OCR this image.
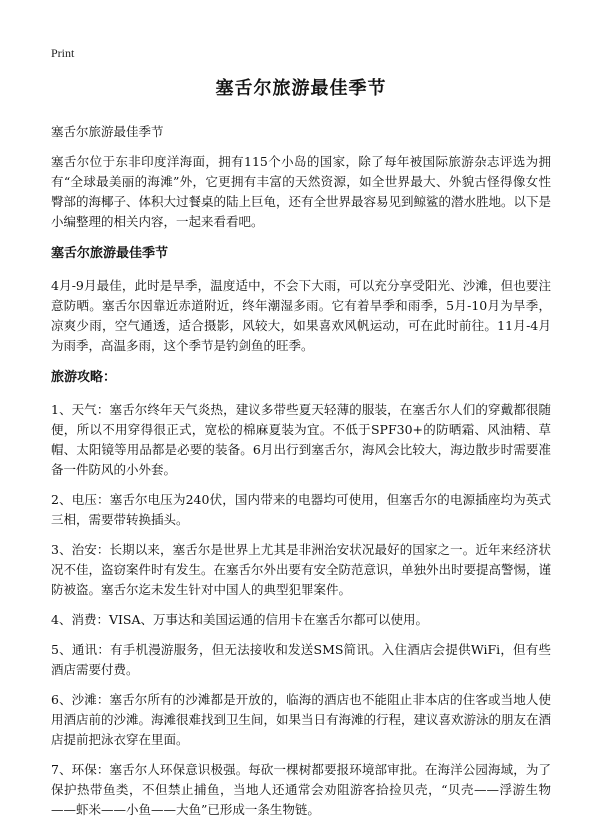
Print
塞舌尔旅游最佳季节
塞舌尔旅游最佳季节

塞舌尔位于东非印度洋海面，拥有115个小岛的国家，除了每年被国际旅游杂志评选为拥有“全球最美丽的海滩”外，它更拥有丰富的天然资源，如全世界最大、外貌古怪得像女性臀部的海椰子、体积大过餐桌的陆上巨龟，还有全世界最容易见到鲸鲨的潜水胜地。以下是小编整理的相关内容，一起来看看吧。

塞舌尔旅游最佳季节

4月-9月最佳，此时是旱季，温度适中，不会下大雨，可以充分享受阳光、沙滩，但也要注意防晒。塞舌尔因靠近赤道附近，终年潮湿多雨。它有着旱季和雨季，5月-10月为旱季，凉爽少雨，空气通透，适合摄影，风较大，如果喜欢风帆运动，可在此时前往。11月-4月为雨季，高温多雨，这个季节是钓剑鱼的旺季。

旅游攻略：

1、天气：塞舌尔终年天气炎热，建议多带些夏天轻薄的服装，在塞舌尔人们的穿戴都很随便，所以不用穿得很正式，宽松的棉麻夏装为宜。不低于SPF30+的防晒霜、风油精、草帽、太阳镜等用品都是必要的装备。6月出行到塞舌尔，海风会比较大，海边散步时需要准备一件防风的小外套。

2、电压：塞舌尔电压为240伏，国内带来的电器均可使用，但塞舌尔的电源插座均为英式三相，需要带转换插头。

3、治安：长期以来，塞舌尔是世界上尤其是非洲治安状况最好的国家之一。近年来经济状况不佳，盗窃案件时有发生。在塞舌尔外出要有安全防范意识，单独外出时要提高警惕，谨防被盗。塞舌尔迄未发生针对中国人的典型犯罪案件。

4、消费：VISA、万事达和美国运通的信用卡在塞舌尔都可以使用。

5、通讯：有手机漫游服务，但无法接收和发送SMS简讯。入住酒店会提供WiFi，但有些酒店需要付费。

6、沙滩：塞舌尔所有的沙滩都是开放的，临海的酒店也不能阻止非本店的住客或当地人使用酒店前的沙滩。海滩很难找到卫生间，如果当日有海滩的行程，建议喜欢游泳的朋友在酒店提前把泳衣穿在里面。

7、环保：塞舌尔人环保意识极强。每砍一棵树都要报环境部审批。在海洋公园海域，为了保护热带鱼类，不但禁止捕鱼，当地人还通常会劝阻游客拾捡贝壳，“贝壳——浮游生物——虾米——小鱼——大鱼”已形成一条生物链。
